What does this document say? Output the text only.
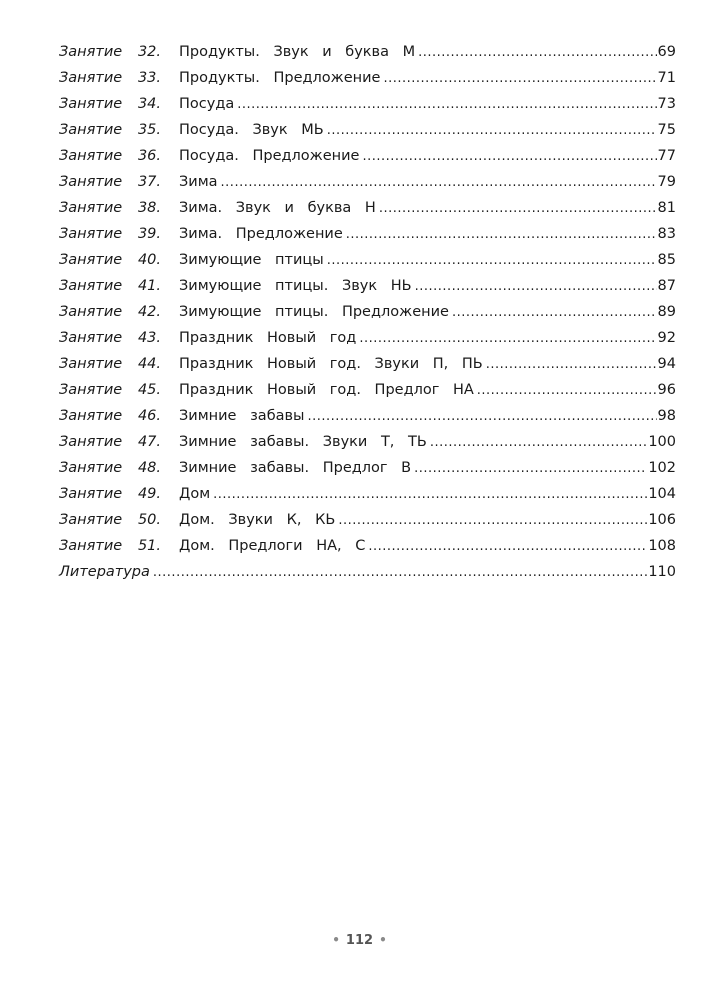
Занятие	32.	Продукты. Звук и буква М .....	69
Занятие	33.	Продукты. Предложение .....	71
Занятие	34.	Посуда .....	73
Занятие	35.	Посуда. Звук МЬ .....	75
Занятие	36.	Посуда. Предложение .....	77
Занятие	37.	Зима .....	79
Занятие	38.	Зима. Звук и буква Н .....	81
Занятие	39.	Зима. Предложение .....	83
Занятие	40.	Зимующие птицы .....	85
Занятие	41.	Зимующие птицы. Звук НЬ .....	87
Занятие	42.	Зимующие птицы. Предложение .....	89
Занятие	43.	Праздник Новый год .....	92
Занятие	44.	Праздник Новый год. Звуки П, ПЬ .....	94
Занятие	45.	Праздник Новый год. Предлог НА .....	96
Занятие	46.	Зимние забавы .....	98
Занятие	47.	Зимние забавы. Звуки Т, ТЬ .....	100
Занятие	48.	Зимние забавы. Предлог В .....	102
Занятие	49.	Дом .....	104
Занятие	50.	Дом. Звуки К, КЬ .....	106
Занятие	51.	Дом. Предлоги НА, С .....	108
Литература .....	110
• 112 •
